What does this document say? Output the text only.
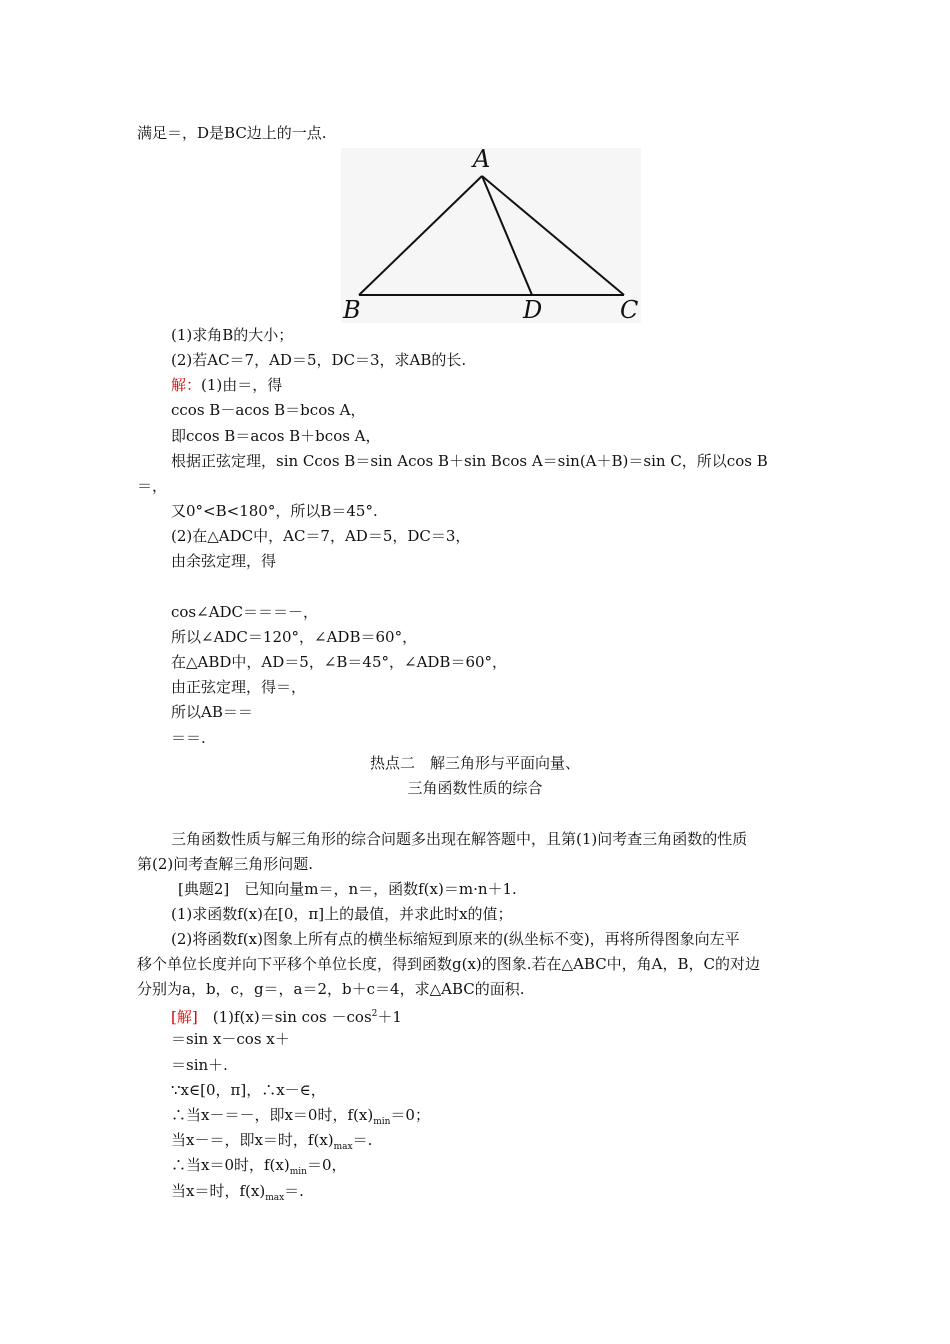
满足＝，D是BC边上的一点.
A
B	D	C
(1)求角B的大小；
(2)若AC＝7，AD＝5，DC＝3，求AB的长.
解：(1)由＝，得
ccos B－acos B＝bcos A，
即ccos B＝acos B＋bcos A，
根据正弦定理，sin Ccos B＝sin Acos B＋sin Bcos A＝sin(A＋B)＝sin C，所以cos B
＝，
又0°<B<180°，所以B＝45°.
(2)在△ADC中，AC＝7，AD＝5，DC＝3，
由余弦定理，得
cos∠ADC＝＝＝－，
所以∠ADC＝120°，∠ADB＝60°，
在△ABD中，AD＝5，∠B＝45°，∠ADB＝60°，
由正弦定理，得＝，
所以AB＝＝
＝＝.
热点二　解三角形与平面向量、
三角函数性质的综合
三角函数性质与解三角形的综合问题多出现在解答题中，且第(1)问考查三角函数的性质
第(2)问考查解三角形问题.
[典题2]　已知向量m＝，n＝，函数f(x)＝m·n＋1.
(1)求函数f(x)在[0，π]上的最值，并求此时x的值；
(2)将函数f(x)图象上所有点的横坐标缩短到原来的(纵坐标不变)，再将所得图象向左平
移个单位长度并向下平移个单位长度，得到函数g(x)的图象.若在△ABC中，角A，B，C的对边
分别为a，b，c，g＝，a＝2，b＋c＝4，求△ABC的面积.
[解]　 (1)f(x)＝sin $\cos -\cos^2+1$
＝sin x－cos x＋
＝sin＋.
∵x∈[0，π]，∴x－∈，
∴当x－＝－，即x＝0时，$f(x)_{min}=0$；
当x－＝，即x＝时，$f(x)_{max}=$.
∴当x＝0时，$f(x)_{min}=0$，
当x＝时，$f(x)_{max}=$.
